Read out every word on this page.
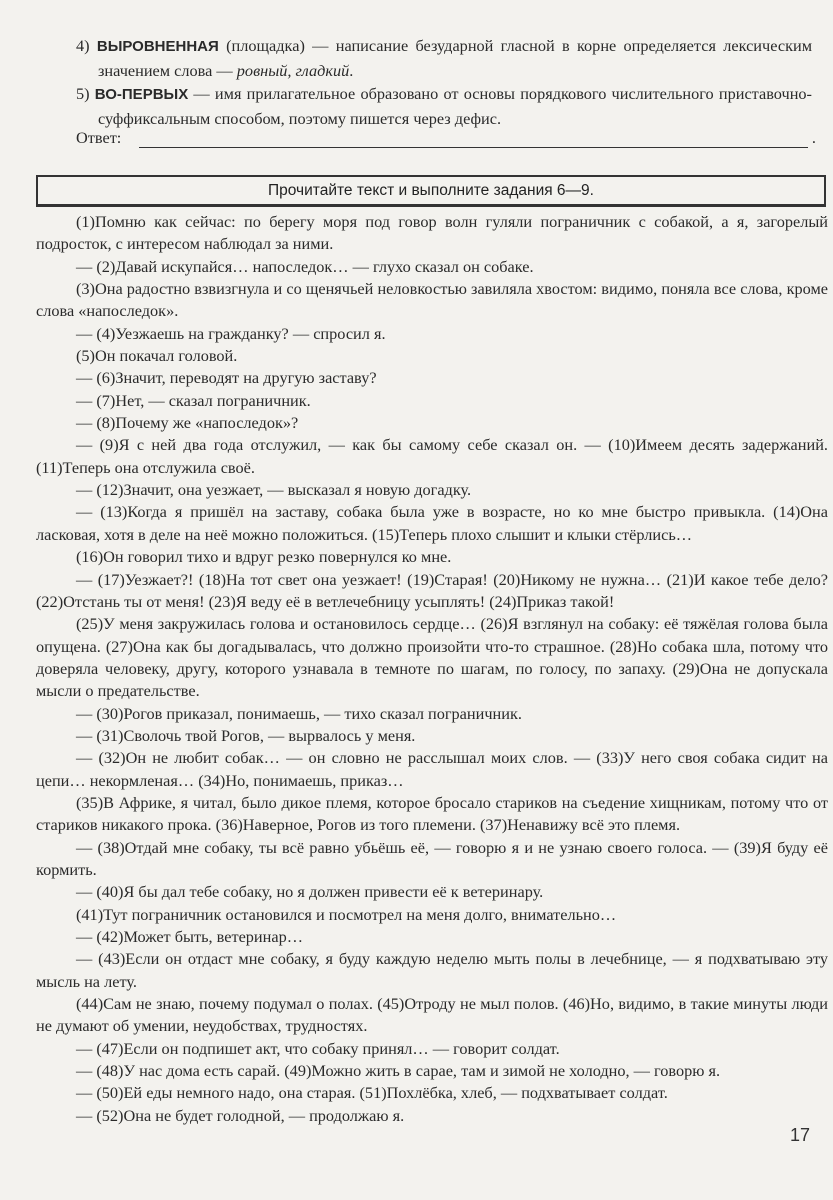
4) ВЫРОВНЕННАЯ (площадка) — написание безударной гласной в корне определяется лексическим значением слова — ровный, гладкий.
5) ВО-ПЕРВЫХ — имя прилагательное образовано от основы порядкового числительного приставочно-суффиксальным способом, поэтому пишется через дефис.
Ответ:	.
Прочитайте текст и выполните задания 6—9.

(1)Помню как сейчас: по берегу моря под говор волн гуляли пограничник с собакой, а я, загорелый подросток, с интересом наблюдал за ними.

— (2)Давай искупайся… напоследок… — глухо сказал он собаке.

(3)Она радостно взвизгнула и со щенячьей неловкостью завиляла хвостом: видимо, поняла все слова, кроме слова «напоследок».

— (4)Уезжаешь на гражданку? — спросил я.

(5)Он покачал головой.

— (6)Значит, переводят на другую заставу?

— (7)Нет, — сказал пограничник.

— (8)Почему же «напоследок»?

— (9)Я с ней два года отслужил, — как бы самому себе сказал он. — (10)Имеем десять задержаний. (11)Теперь она отслужила своё.

— (12)Значит, она уезжает, — высказал я новую догадку.

— (13)Когда я пришёл на заставу, собака была уже в возрасте, но ко мне быстро привыкла. (14)Она ласковая, хотя в деле на неё можно положиться. (15)Теперь плохо слышит и клыки стёрлись…

(16)Он говорил тихо и вдруг резко повернулся ко мне.

— (17)Уезжает?! (18)На тот свет она уезжает! (19)Старая! (20)Никому не нужна… (21)И какое тебе дело? (22)Отстань ты от меня! (23)Я веду её в ветлечебницу усыплять! (24)Приказ такой!

(25)У меня закружилась голова и остановилось сердце… (26)Я взглянул на собаку: её тяжёлая голова была опущена. (27)Она как бы догадывалась, что должно произойти что-то страшное. (28)Но собака шла, потому что доверяла человеку, другу, которого узнавала в темноте по шагам, по голосу, по запаху. (29)Она не допускала мысли о предательстве.

— (30)Рогов приказал, понимаешь, — тихо сказал пограничник.

— (31)Сволочь твой Рогов, — вырвалось у меня.

— (32)Он не любит собак… — он словно не расслышал моих слов. — (33)У него своя собака сидит на цепи… некормленая… (34)Но, понимаешь, приказ…

(35)В Африке, я читал, было дикое племя, которое бросало стариков на съедение хищникам, потому что от стариков никакого прока. (36)Наверное, Рогов из того племени. (37)Ненавижу всё это племя.

— (38)Отдай мне собаку, ты всё равно убьёшь её, — говорю я и не узнаю своего голоса. — (39)Я буду её кормить.

— (40)Я бы дал тебе собаку, но я должен привести её к ветеринару.

(41)Тут пограничник остановился и посмотрел на меня долго, внимательно…

— (42)Может быть, ветеринар…

— (43)Если он отдаст мне собаку, я буду каждую неделю мыть полы в лечебнице, — я подхватываю эту мысль на лету.

(44)Сам не знаю, почему подумал о полах. (45)Отроду не мыл полов. (46)Но, видимо, в такие минуты люди не думают об умении, неудобствах, трудностях.

— (47)Если он подпишет акт, что собаку принял… — говорит солдат.

— (48)У нас дома есть сарай. (49)Можно жить в сарае, там и зимой не холодно, — говорю я.

— (50)Ей еды немного надо, она старая. (51)Похлёбка, хлеб, — подхватывает солдат.

— (52)Она не будет голодной, — продолжаю я.

17
